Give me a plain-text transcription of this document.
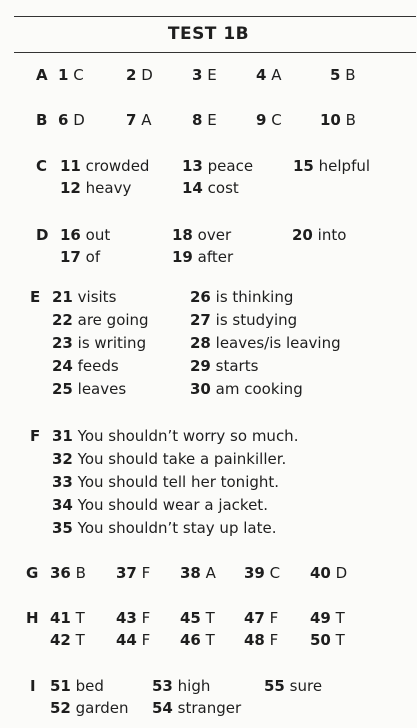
TEST 1B
A 1 C	2 D	3 E	4 A	5 B
B 6 D	7 A	8 E	9 C	10 B
C 11 crowded 13 peace	15 helpful
12 heavy	14 cost
D 16 out	18 over	20 into
17 of	19 after
E 21 visits	26 is thinking
22 are going	27 is studying
23 is writing	28 leaves/is leaving
24 feeds	29 starts
25 leaves	30 am cooking
F 31 You shouldn’t worry so much.
32 You should take a painkiller.
33 You should tell her tonight.
34 You should wear a jacket.
35 You shouldn’t stay up late.
G 36 B 37 F 38 A 39 C 40 D
H 41 T 43 F 45 T 47 F 49 T
42 T 44 F 46 T 48 F 50 T
I 51 bed	53 high	55 sure
52 garden 54 stranger
